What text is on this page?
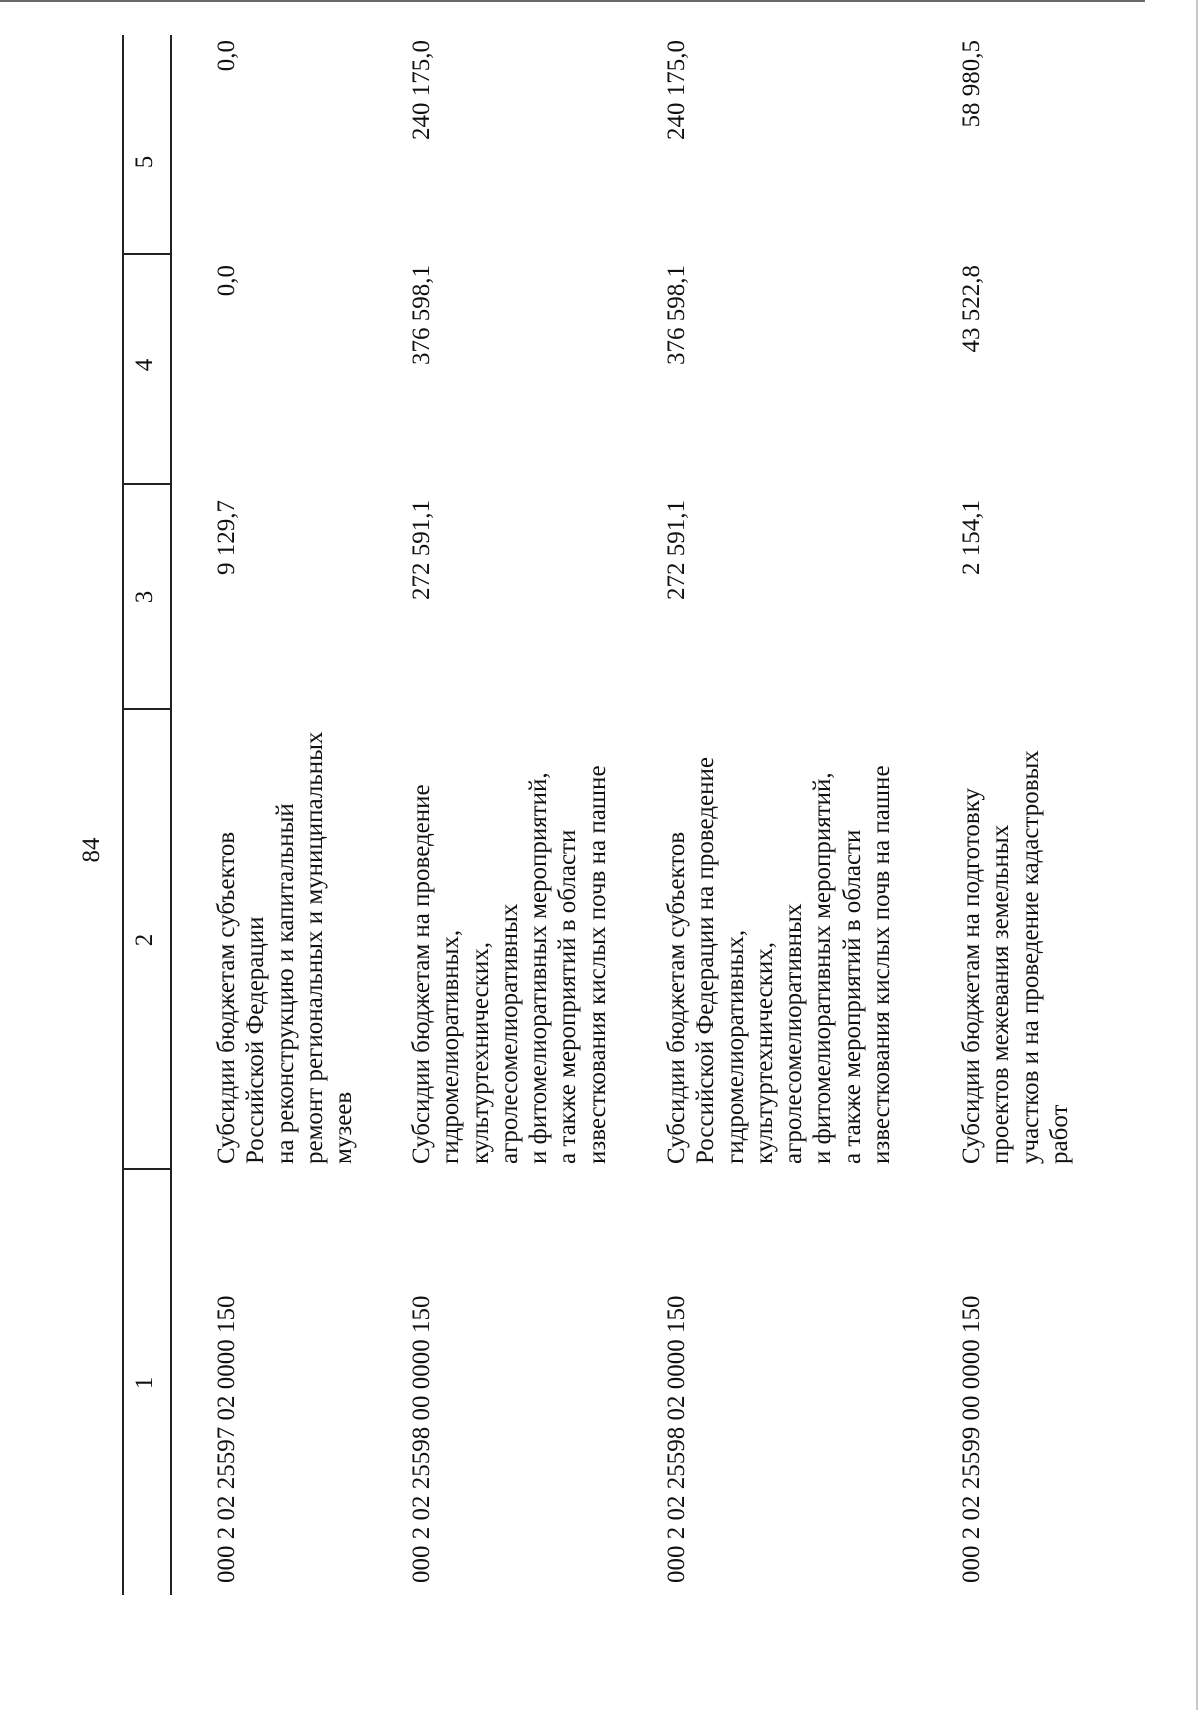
84
1
2
3
4
5
000 2 02 25597 02 0000 150
Субсидии бюджетам субъектов Российской Федерации на реконструкцию и капитальный ремонт региональных и муниципальных музеев
9 129,7
0,0
0,0
000 2 02 25598 00 0000 150
Субсидии бюджетам на проведение гидромелиоративных, культуртехнических, агролесомелиоративных и фитомелиоративных мероприятий, а также мероприятий в области известкования кислых почв на пашне
272 591,1
376 598,1
240 175,0
000 2 02 25598 02 0000 150
Субсидии бюджетам субъектов Российской Федерации на проведение гидромелиоративных, культуртехнических, агролесомелиоративных и фитомелиоративных мероприятий, а также мероприятий в области известкования кислых почв на пашне
272 591,1
376 598,1
240 175,0
000 2 02 25599 00 0000 150
Субсидии бюджетам на подготовку проектов межевания земельных участков и на проведение кадастровых работ
2 154,1
43 522,8
58 980,5
